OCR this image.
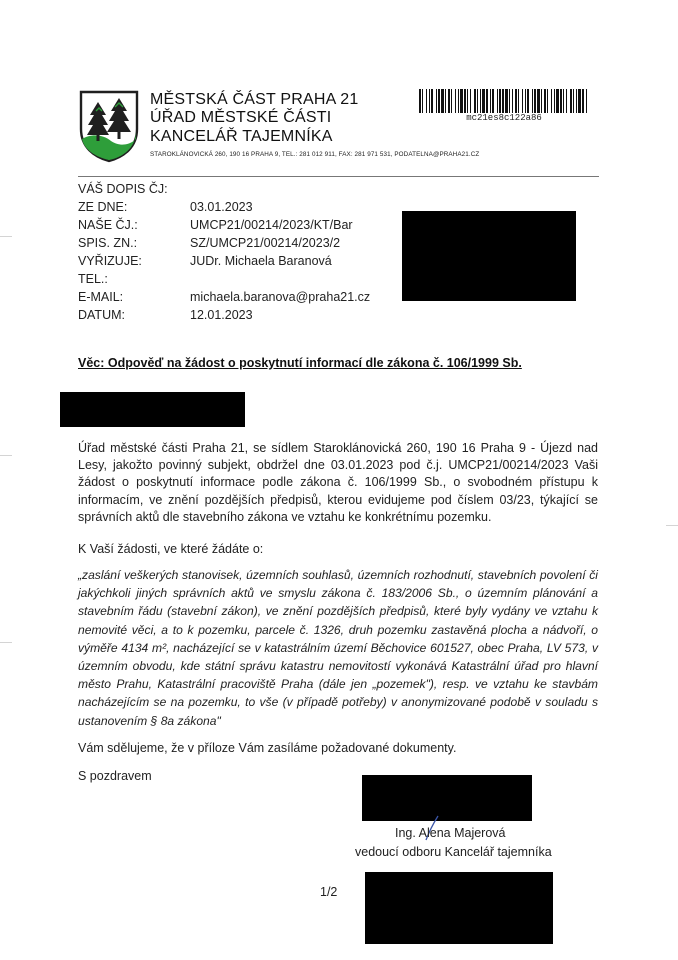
MĚSTSKÁ ČÁST PRAHA 21
ÚŘAD MĚSTSKÉ ČÁSTI
KANCELÁŘ TAJEMNÍKA
STAROKLÁNOVICKÁ 260, 190 16 PRAHA 9, TEL.: 281 012 911, FAX: 281 971 531, PODATELNA@PRAHA21.CZ
mc21es8c122a86
VÁŠ DOPIS ČJ:
ZE DNE:	03.01.2023
NAŠE ČJ.:	UMCP21/00214/2023/KT/Bar
SPIS. ZN.:	SZ/UMCP21/00214/2023/2
VYŘIZUJE:	JUDr. Michaela Baranová
TEL.:
E-MAIL:	michaela.baranova@praha21.cz
DATUM:	12.01.2023
Věc: Odpověď na žádost o poskytnutí informací dle zákona č. 106/1999 Sb.
Úřad městské části Praha 21, se sídlem Staroklánovická 260, 190 16 Praha 9 - Újezd nad Lesy, jakožto povinný subjekt, obdržel dne 03.01.2023 pod č.j. UMCP21/00214/2023 Vaši žádost o poskytnutí informace podle zákona č. 106/1999 Sb., o svobodném přístupu k informacím, ve znění pozdějších předpisů, kterou evidujeme pod číslem 03/23, týkající se správních aktů dle stavebního zákona ve vztahu ke konkrétnímu pozemku.
K Vaší žádosti, ve které žádáte o:
„zaslání veškerých stanovisek, územních souhlasů, územních rozhodnutí, stavebních povolení či jakýchkoli jiných správních aktů ve smyslu zákona č. 183/2006 Sb., o územním plánování a stavebním řádu (stavební zákon), ve znění pozdějších předpisů, které byly vydány ve vztahu k nemovité věci, a to k pozemku, parcele č. 1326, druh pozemku zastavěná plocha a nádvoří, o výměře 4134 m², nacházející se v katastrálním území Běchovice 601527, obec Praha, LV 573, v územním obvodu, kde státní správu katastru nemovitostí vykonává Katastrální úřad pro hlavní město Prahu, Katastrální pracoviště Praha (dále jen „pozemek"), resp. ve vztahu ke stavbám nacházejícím se na pozemku, to vše (v případě potřeby) v anonymizované podobě v souladu s ustanovením § 8a zákona"
Vám sdělujeme, že v příloze Vám zasíláme požadované dokumenty.
S pozdravem
Ing. Alena Majerová
vedoucí odboru Kancelář tajemníka
1/2
